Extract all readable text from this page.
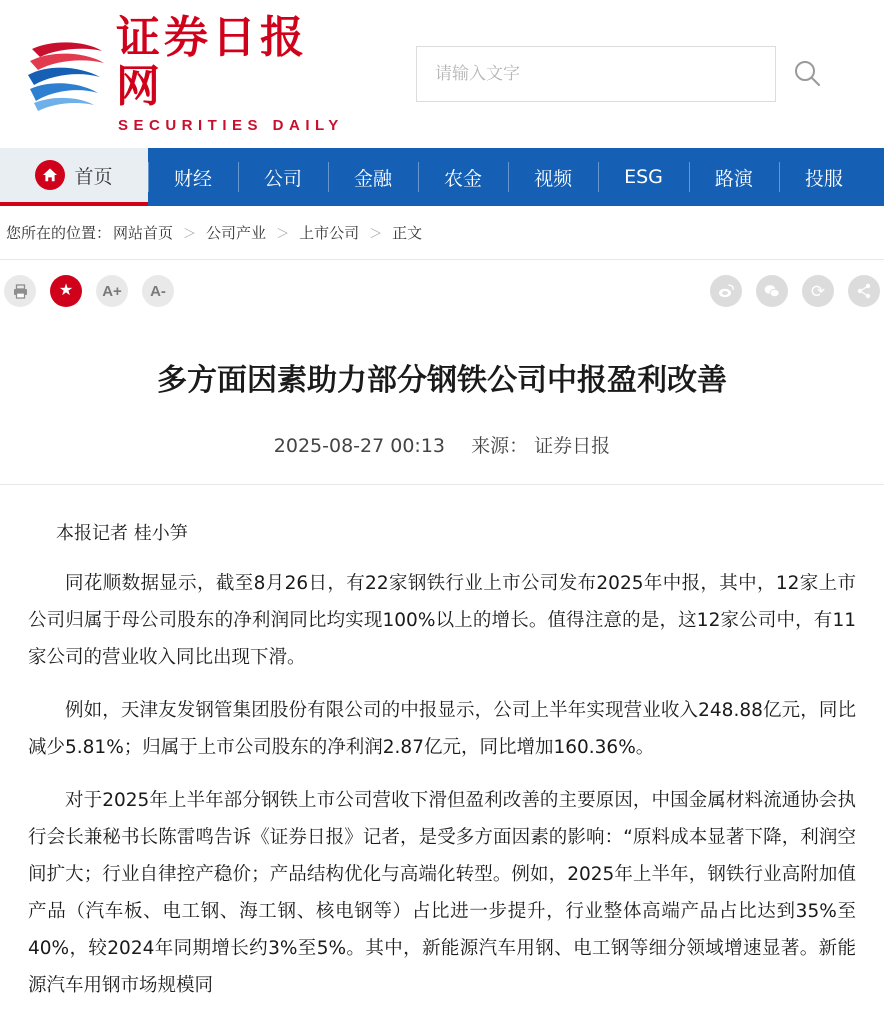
证券日报网
SECURITIES DAILY
请输入文字
首页	财经	公司	金融	农金	视频	ESG	路演	投服
您所在的位置： 网站首页 ＞ 公司产业 ＞ 上市公司 ＞ 正文
★ A+ A-	⟳
多方面因素助力部分钢铁公司中报盈利改善
2025-08-27 00:13 来源： 证券日报
本报记者 桂小笋

同花顺数据显示，截至8月26日，有22家钢铁行业上市公司发布2025年中报，其中，12家上市公司归属于母公司股东的净利润同比均实现100%以上的增长。值得注意的是，这12家公司中，有11家公司的营业收入同比出现下滑。

例如，天津友发钢管集团股份有限公司的中报显示，公司上半年实现营业收入248.88亿元，同比减少5.81%；归属于上市公司股东的净利润2.87亿元，同比增加160.36%。

对于2025年上半年部分钢铁上市公司营收下滑但盈利改善的主要原因，中国金属材料流通协会执行会长兼秘书长陈雷鸣告诉《证券日报》记者，是受多方面因素的影响：“原料成本显著下降，利润空间扩大；行业自律控产稳价；产品结构优化与高端化转型。例如，2025年上半年，钢铁行业高附加值产品（汽车板、电工钢、海工钢、核电钢等）占比进一步提升，行业整体高端产品占比达到35%至40%，较2024年同期增长约3%至5%。其中，新能源汽车用钢、电工钢等细分领域增速显著。新能源汽车用钢市场规模同
